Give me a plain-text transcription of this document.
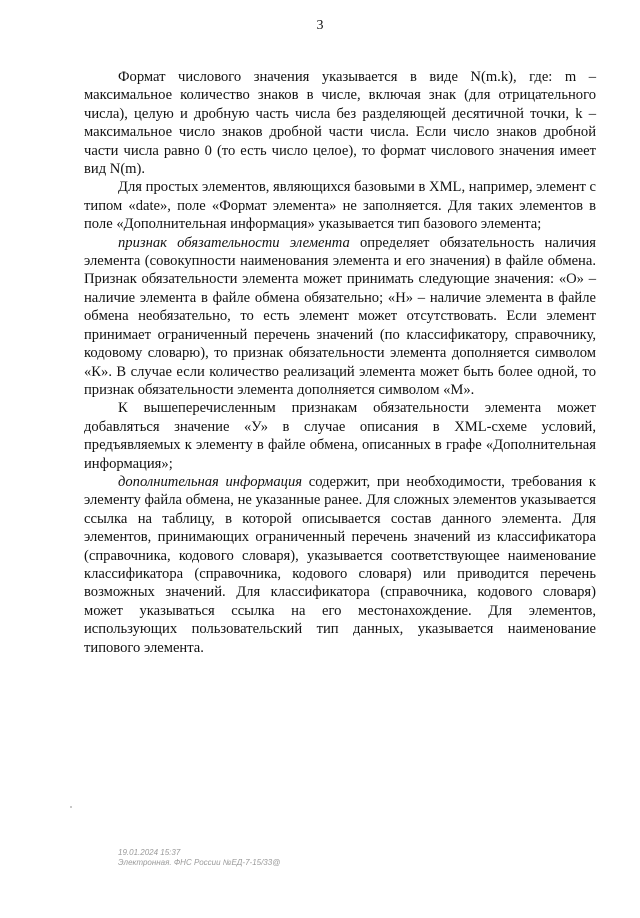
3

Формат числового значения указывается в виде N(m.k), где: m – максимальное количество знаков в числе, включая знак (для отрицательного числа), целую и дробную часть числа без разделяющей десятичной точки, k – максимальное число знаков дробной части числа. Если число знаков дробной части числа равно 0 (то есть число целое), то формат числового значения имеет вид N(m).

Для простых элементов, являющихся базовыми в XML, например, элемент с типом «date», поле «Формат элемента» не заполняется. Для таких элементов в поле «Дополнительная информация» указывается тип базового элемента;

признак обязательности элемента определяет обязательность наличия элемента (совокупности наименования элемента и его значения) в файле обмена. Признак обязательности элемента может принимать следующие значения: «О» – наличие элемента в файле обмена обязательно; «Н» – наличие элемента в файле обмена необязательно, то есть элемент может отсутствовать. Если элемент принимает ограниченный перечень значений (по классификатору, справочнику, кодовому словарю), то признак обязательности элемента дополняется символом «К». В случае если количество реализаций элемента может быть более одной, то признак обязательности элемента дополняется символом «М».

К вышеперечисленным признакам обязательности элемента может добавляться значение «У» в случае описания в XML-схеме условий, предъявляемых к элементу в файле обмена, описанных в графе «Дополнительная информация»;

дополнительная информация содержит, при необходимости, требования к элементу файла обмена, не указанные ранее. Для сложных элементов указывается ссылка на таблицу, в которой описывается состав данного элемента. Для элементов, принимающих ограниченный перечень значений из классификатора (справочника, кодового словаря), указывается соответствующее наименование классификатора (справочника, кодового словаря) или приводится перечень возможных значений. Для классификатора (справочника, кодового словаря) может указываться ссылка на его местонахождение. Для элементов, использующих пользовательский тип данных, указывается наименование типового элемента.

19.01.2024 15:37
Электронная. ФНС России №ЕД-7-15/33@
